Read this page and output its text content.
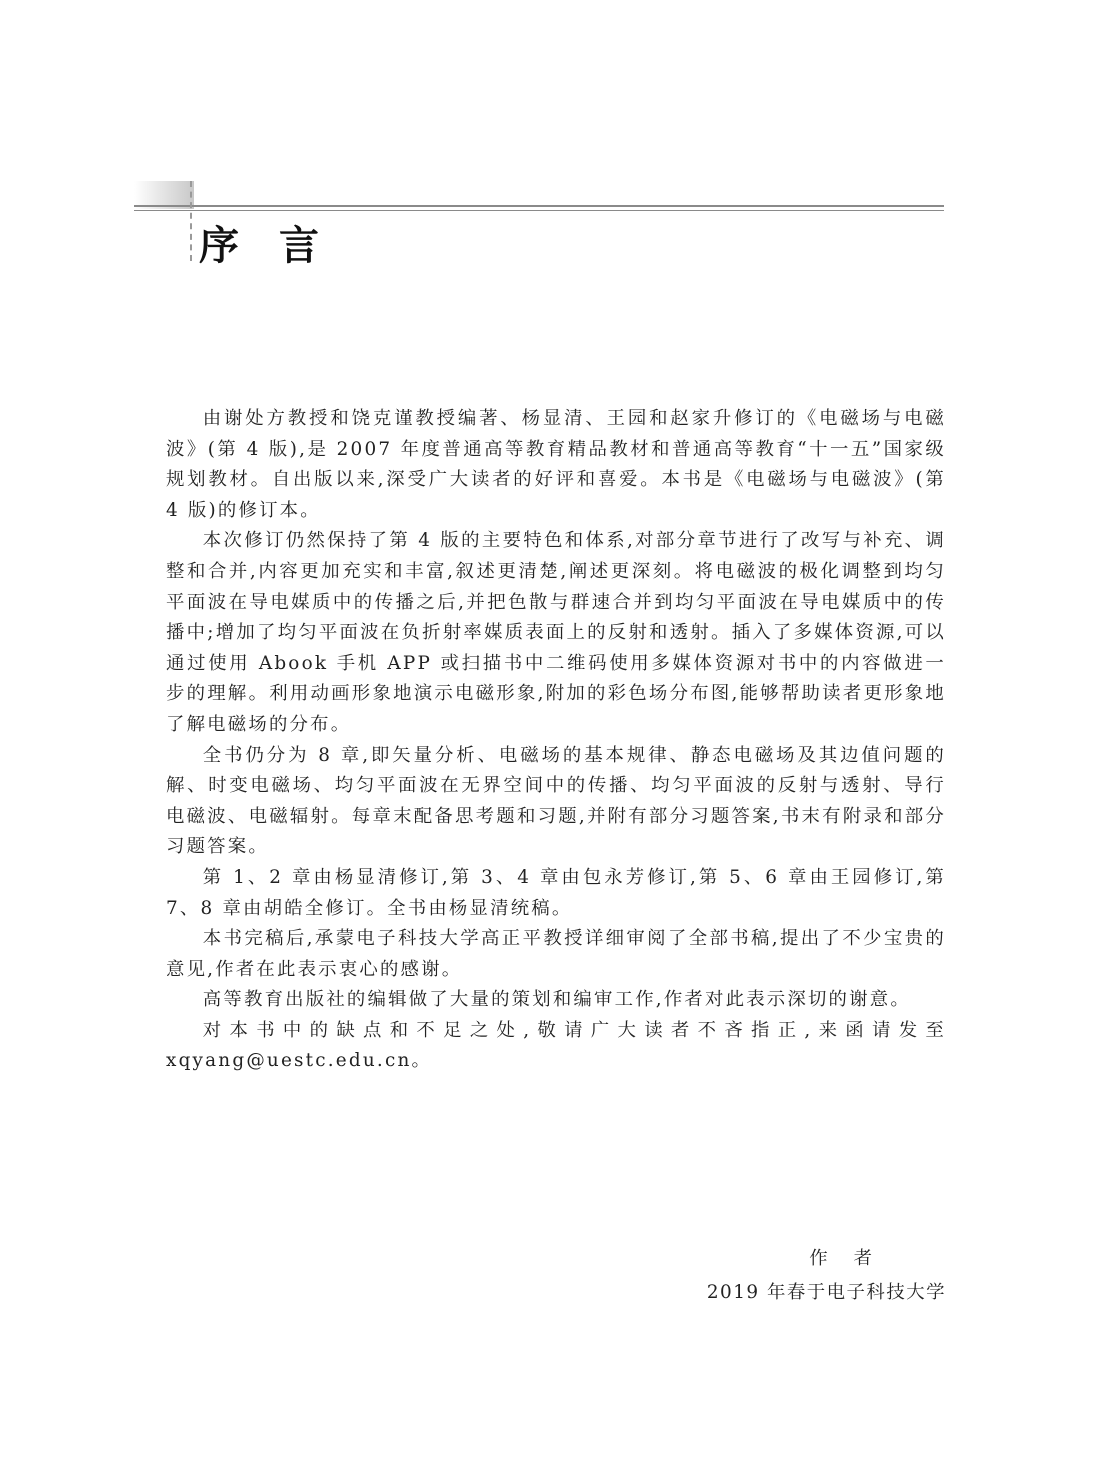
序言

由谢处方教授和饶克谨教授编著、杨显清、王园和赵家升修订的《电磁场与电磁波》(第 4 版),是 2007 年度普通高等教育精品教材和普通高等教育“十一五”国家级规划教材。自出版以来,深受广大读者的好评和喜爱。本书是《电磁场与电磁波》(第 4 版)的修订本。

本次修订仍然保持了第 4 版的主要特色和体系,对部分章节进行了改写与补充、调整和合并,内容更加充实和丰富,叙述更清楚,阐述更深刻。将电磁波的极化调整到均匀平面波在导电媒质中的传播之后,并把色散与群速合并到均匀平面波在导电媒质中的传播中;增加了均匀平面波在负折射率媒质表面上的反射和透射。插入了多媒体资源,可以通过使用 Abook 手机 APP 或扫描书中二维码使用多媒体资源对书中的内容做进一步的理解。利用动画形象地演示电磁形象,附加的彩色场分布图,能够帮助读者更形象地了解电磁场的分布。

全书仍分为 8 章,即矢量分析、电磁场的基本规律、静态电磁场及其边值问题的解、时变电磁场、均匀平面波在无界空间中的传播、均匀平面波的反射与透射、导行电磁波、电磁辐射。每章末配备思考题和习题,并附有部分习题答案,书末有附录和部分习题答案。

第 1、2 章由杨显清修订,第 3、4 章由包永芳修订,第 5、6 章由王园修订,第 7、8 章由胡皓全修订。全书由杨显清统稿。

本书完稿后,承蒙电子科技大学高正平教授详细审阅了全部书稿,提出了不少宝贵的意见,作者在此表示衷心的感谢。

高等教育出版社的编辑做了大量的策划和编审工作,作者对此表示深切的谢意。

对本书中的缺点和不足之处,敬请广大读者不吝指正,来函请发至 xqyang@uestc.edu.cn。

作者
2019 年春于电子科技大学
